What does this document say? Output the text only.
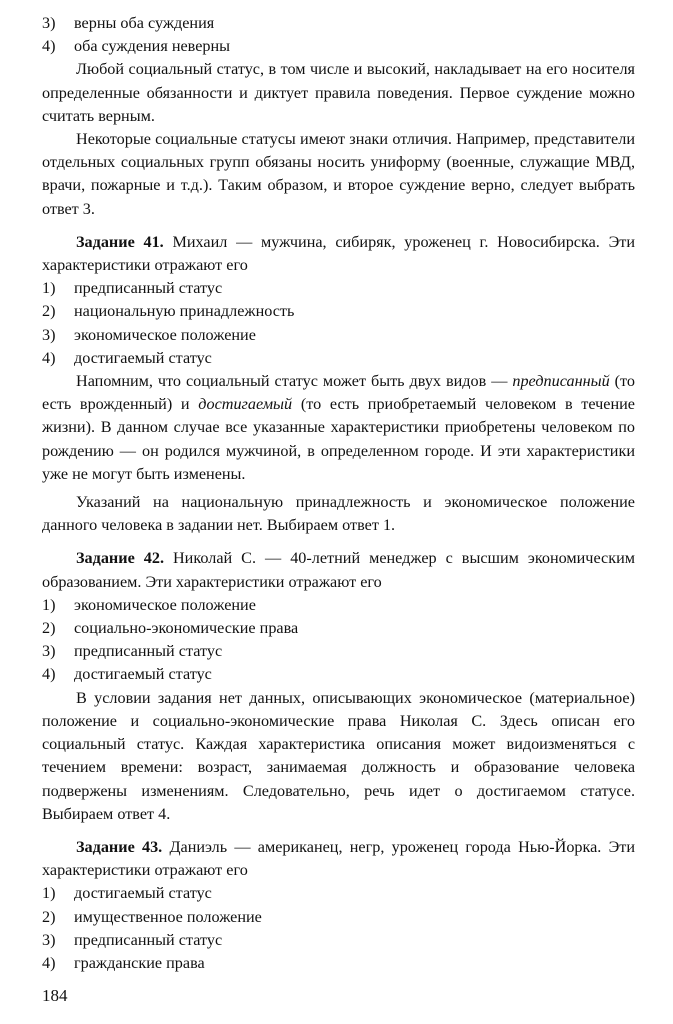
3) верны оба суждения
4) оба суждения неверны

Любой социальный статус, в том числе и высокий, накладывает на его носителя определенные обязанности и диктует правила поведения. Первое суждение можно считать верным.

Некоторые социальные статусы имеют знаки отличия. Например, представители отдельных социальных групп обязаны носить униформу (военные, служащие МВД, врачи, пожарные и т.д.). Таким образом, и второе суждение верно, следует выбрать ответ 3.

Задание 41. Михаил — мужчина, сибиряк, уроженец г. Новосибирска. Эти характеристики отражают его

1) предписанный статус
2) национальную принадлежность
3) экономическое положение
4) достигаемый статус

Напомним, что социальный статус может быть двух видов — предписанный (то есть врожденный) и достигаемый (то есть приобретаемый человеком в течение жизни). В данном случае все указанные характеристики приобретены человеком по рождению — он родился мужчиной, в определенном городе. И эти характеристики уже не могут быть изменены.

Указаний на национальную принадлежность и экономическое положение данного человека в задании нет. Выбираем ответ 1.

Задание 42. Николай С. — 40-летний менеджер с высшим экономическим образованием. Эти характеристики отражают его

1) экономическое положение
2) социально-экономические права
3) предписанный статус
4) достигаемый статус

В условии задания нет данных, описывающих экономическое (материальное) положение и социально-экономические права Николая С. Здесь описан его социальный статус. Каждая характеристика описания может видоизменяться с течением времени: возраст, занимаемая должность и образование человека подвержены изменениям. Следовательно, речь идет о достигаемом статусе. Выбираем ответ 4.

Задание 43. Даниэль — американец, негр, уроженец города Нью-Йорка. Эти характеристики отражают его

1) достигаемый статус
2) имущественное положение
3) предписанный статус
4) гражданские права
184
